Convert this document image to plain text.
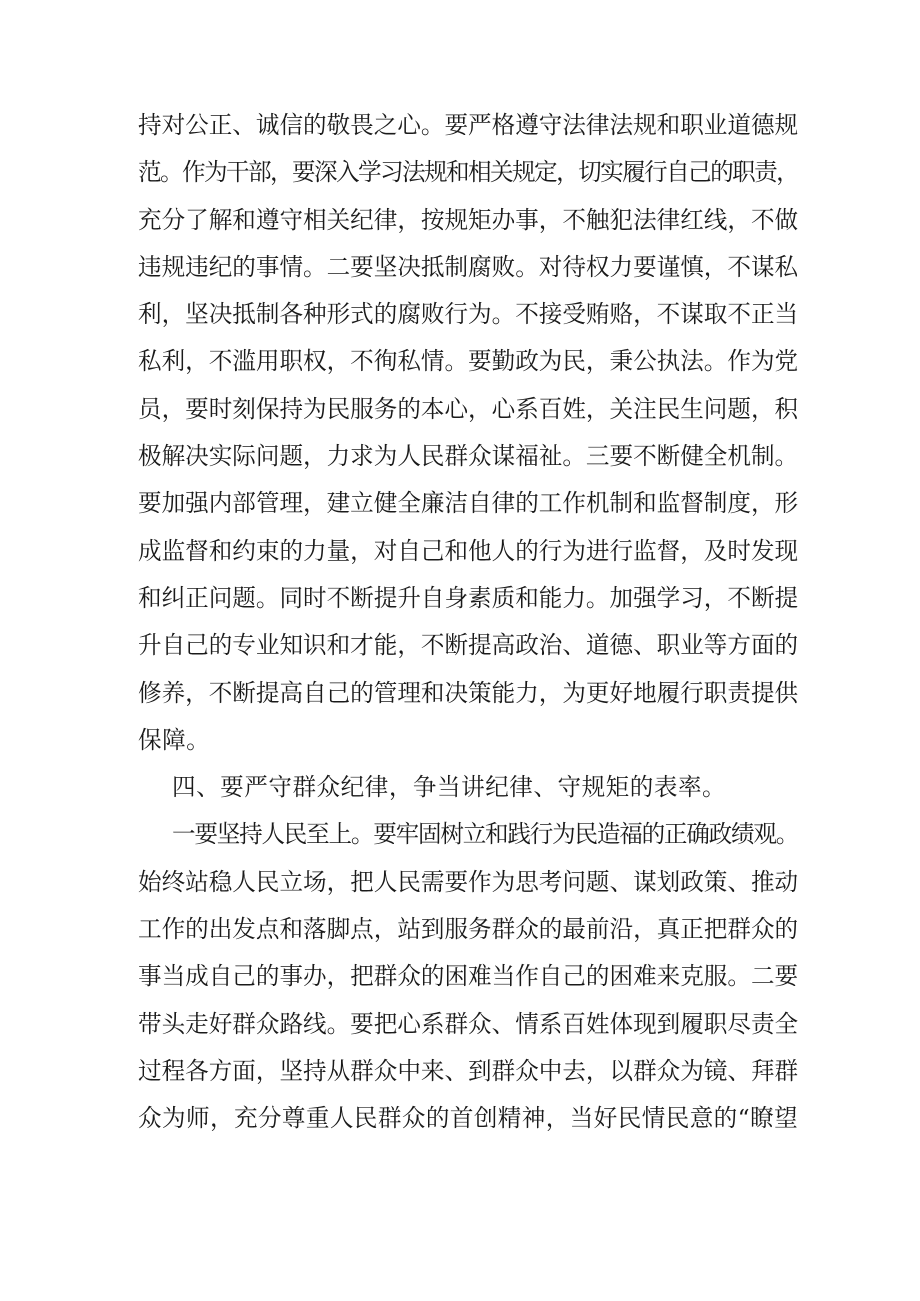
持对公正、诚信的敬畏之心。要严格遵守法律法规和职业道德规
范。作为干部，要深入学习法规和相关规定，切实履行自己的职责，
充分了解和遵守相关纪律，按规矩办事，不触犯法律红线，不做
违规违纪的事情。二要坚决抵制腐败。对待权力要谨慎，不谋私
利，坚决抵制各种形式的腐败行为。不接受贿赂，不谋取不正当
私利，不滥用职权，不徇私情。要勤政为民，秉公执法。作为党
员，要时刻保持为民服务的本心，心系百姓，关注民生问题，积
极解决实际问题，力求为人民群众谋福祉。三要不断健全机制。
要加强内部管理，建立健全廉洁自律的工作机制和监督制度，形
成监督和约束的力量，对自己和他人的行为进行监督，及时发现
和纠正问题。同时不断提升自身素质和能力。加强学习，不断提
升自己的专业知识和才能，不断提高政治、道德、职业等方面的
修养，不断提高自己的管理和决策能力，为更好地履行职责提供
保障。
四、要严守群众纪律，争当讲纪律、守规矩的表率。
一要坚持人民至上。要牢固树立和践行为民造福的正确政绩观。
始终站稳人民立场，把人民需要作为思考问题、谋划政策、推动
工作的出发点和落脚点，站到服务群众的最前沿，真正把群众的
事当成自己的事办，把群众的困难当作自己的困难来克服。二要
带头走好群众路线。要把心系群众、情系百姓体现到履职尽责全
过程各方面，坚持从群众中来、到群众中去，以群众为镜、拜群
众为师，充分尊重人民群众的首创精神，当好民情民意的“瞭望
